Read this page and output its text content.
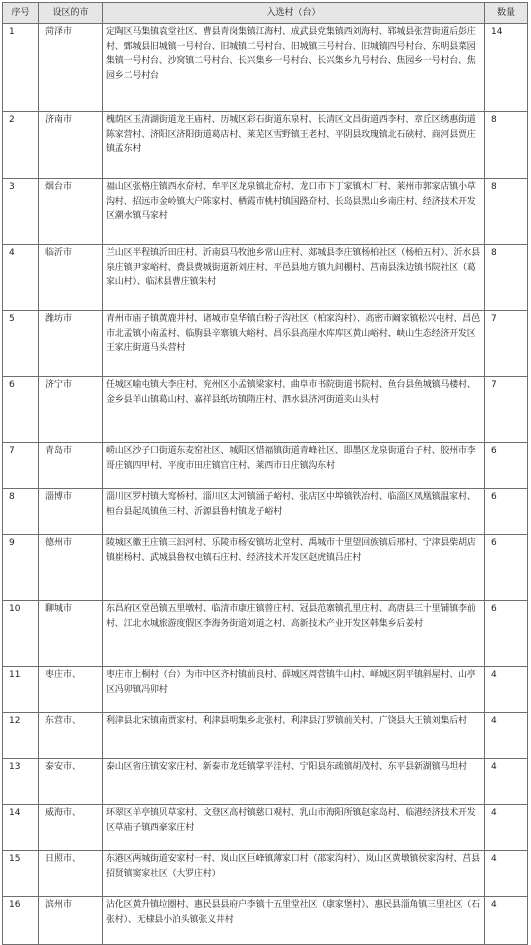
序号	设区的市	入选村（台）	数量
1	菏泽市	定陶区马集镇袁堂社区、曹县青岗集镇江海村、成武县党集镇西刘海村、郓城县张营街道后彭庄村、鄄城县旧城镇一号村台、旧城镇二号村台、旧城镇三号村台、旧城镇四号村台、东明县菜园集镇一号村台、沙窝镇二号村台、长兴集乡一号村台、长兴集乡九号村台、焦园乡一号村台、焦园乡二号村台	14
2	济南市	槐荫区玉清湖街道龙王庙村、历城区彩石街道东泉村、长清区文昌街道西李村、章丘区绣惠街道陈家营村、济阳区济阳街道葛店村、莱芜区雪野镇王老村、平阴县玫瑰镇北石硖村、商河县贾庄镇孟东村	8
3	烟台市	福山区张格庄镇西水夼村、牟平区龙泉镇北夼村、龙口市下丁家镇木厂村、莱州市郭家店镇小草沟村、招远市金岭镇大户陈家村、栖霞市桃村镇国路夼村、长岛县黑山乡南庄村、经济技术开发区潮水镇马家村	8
4	临沂市	兰山区半程镇沂田庄村、沂南县马牧池乡常山庄村、郯城县李庄镇杨柏社区（杨柏五村）、沂水县泉庄镇尹家峪村、费县费城街道新刘庄村、平邑县地方镇九间棚村、莒南县洙边镇书院社区（葛家山村）、临沭县曹庄镇朱村	8
5	潍坊市	青州市庙子镇黄鹿井村、诸城市皇华镇白粉子沟社区（柏家沟村）、高密市阚家镇松兴屯村、昌邑市北孟镇小南孟村、临朐县辛寨镇大峪村、昌乐县高崖水库库区黄山峪村、峡山生态经济开发区王家庄街道马头营村	7
6	济宁市	任城区喻屯镇大李庄村、兖州区小孟镇梁家村、曲阜市书院街道书院村、鱼台县鱼城镇马楼村、金乡县羊山镇葛山村、嘉祥县纸坊镇隋庄村、泗水县济河街道夹山头村	7
7	青岛市	崂山区沙子口街道东麦窑社区、城阳区惜福镇街道青峰社区、即墨区龙泉街道台子村、胶州市李哥庄镇四甲村、平度市田庄镇官庄村、莱西市日庄镇沟东村	6
8	淄博市	淄川区罗村镇大窎桥村、淄川区太河镇涌子峪村、张店区中埠镇铁冶村、临淄区凤凰镇温家村、桓台县起凤镇鱼三村、沂源县鲁村镇龙子峪村	6
9	德州市	陵城区徽王庄镇三汩河村、乐陵市杨安镇坊北堂村、禹城市十里望回族镇后邢村、宁津县柴胡店镇崔杨村、武城县鲁权屯镇石庄村、经济技术开发区赵虎镇吕庄村	6
10	聊城市	东昌府区堂邑镇五里墩村、临清市康庄镇曾庄村、冠县范寨镇孔里庄村、高唐县三十里铺镇李前村、江北水城旅游度假区李海务街道刘道之村、高新技术产业开发区韩集乡后姜村	6
11	枣庄市、	枣庄市上桐村（台）为市中区齐村镇前良村、薛城区周营镇牛山村、峄城区阴平镇斜屋村、山亭区冯卯镇冯卯村	4
12	东营市、	利津县北宋镇南贾家村、利津县明集乡北张村、利津县汀罗镇前关村、广饶县大王镇刘集后村	4
13	泰安市、	泰山区省庄镇安家庄村、新泰市龙廷镇掌平洼村、宁阳县东疏镇胡茂村、东平县新湖镇马坦村	4
14	威海市、	环翠区羊亭镇贝草家村、文登区高村镇慈口观村、乳山市海阳所镇赵家岛村、临港经济技术开发区草庙子镇西豪家庄村	4
15	日照市、	东港区两城街道安家村一村、岚山区巨峰镇薄家口村（邵家沟村）、岚山区黄墩镇侯家沟村、莒县招贤镇窦家社区（大罗庄村）	4
16	滨州市	沾化区黄升镇垃圈村、惠民县县府户李镇十五里堂社区（康家堡村）、惠民县淄角镇三里社区（石张村）、无棣县小泊头镇张义井村	4
